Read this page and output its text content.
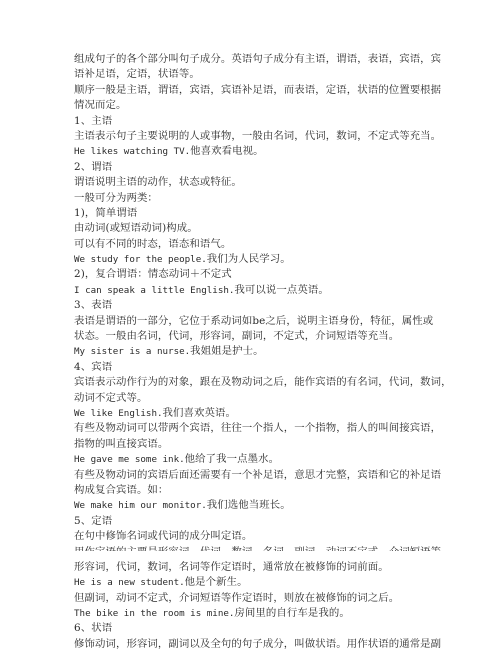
组成句子的各个部分叫句子成分。英语句子成分有主语，谓语，表语，宾语，宾
语补足语，定语，状语等。
顺序一般是主语，谓语，宾语，宾语补足语，而表语，定语，状语的位置要根据
情况而定。
1、主语
主语表示句子主要说明的人或事物，一般由名词，代词，数词，不定式等充当。
He likes watching TV.他喜欢看电视。
2、谓语
谓语说明主语的动作，状态或特征。
一般可分为两类：
1)，简单谓语
由动词(或短语动词)构成。
可以有不同的时态，语态和语气。
We study for the people.我们为人民学习。
2)，复合谓语：情态动词＋不定式
I can speak a little English.我可以说一点英语。
3、表语
表语是谓语的一部分，它位于系动词如be之后，说明主语身份，特征，属性或
状态。一般由名词，代词，形容词，副词，不定式，介词短语等充当。
My sister is a nurse.我姐姐是护士。
4、宾语
宾语表示动作行为的对象，跟在及物动词之后，能作宾语的有名词，代词，数词，
动词不定式等。
We like English.我们喜欢英语。
有些及物动词可以带两个宾语，往往一个指人，一个指物，指人的叫间接宾语，
指物的叫直接宾语。
He gave me some ink.他给了我一点墨水。
有些及物动词的宾语后面还需要有一个补足语，意思才完整，宾语和它的补足语
构成复合宾语。如：
We make him our monitor.我们选他当班长。
5、定语
在句中修饰名词或代词的成分叫定语。
形容词，代词，数词，名词等作定语时，通常放在被修饰的词前面。
He is a new student.他是个新生。
但副词，动词不定式，介词短语等作定语时，则放在被修饰的词之后。
The bike in the room is mine.房间里的自行车是我的。
6、状语
修饰动词，形容词，副词以及全句的句子成分，叫做状语。用作状语的通常是副
